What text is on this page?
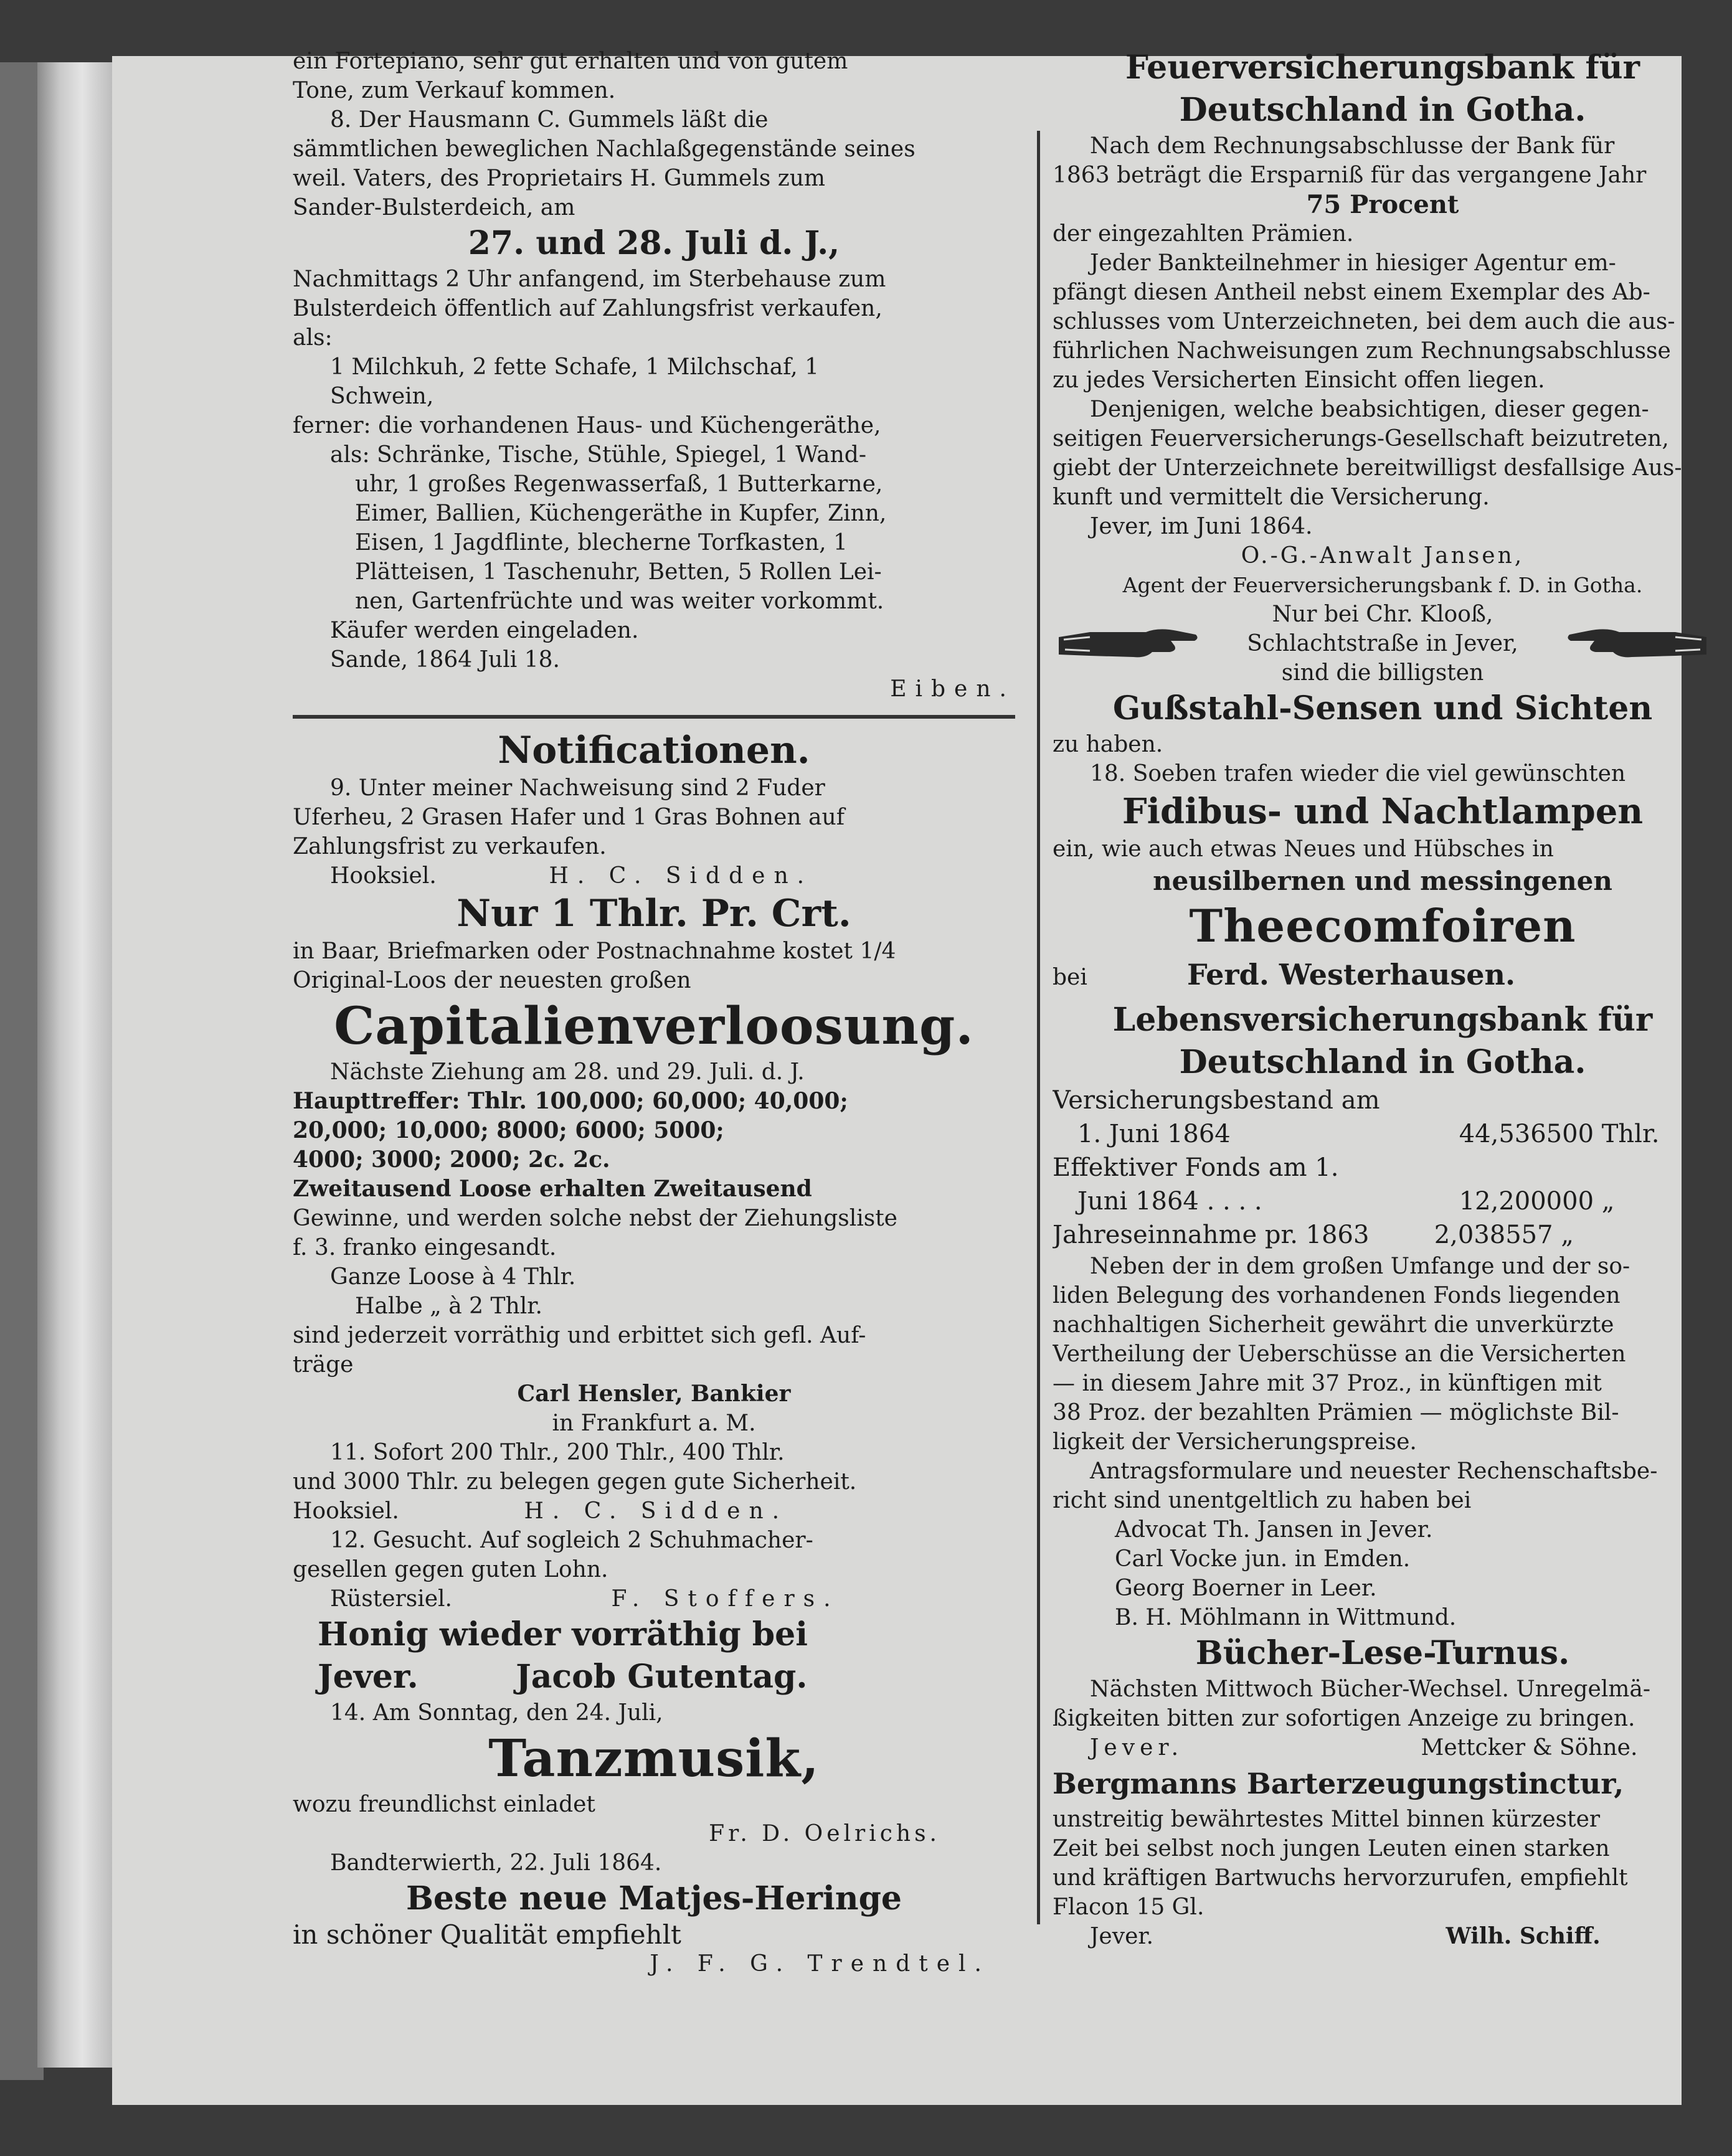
ein Fortepiano, sehr gut erhalten und von gutem

Tone, zum Verkauf kommen.

8. Der Hausmann C. Gummels läßt die

sämmtlichen beweglichen Nachlaßgegenstände seines

weil. Vaters, des Proprietairs H. Gummels zum

Sander-Bulsterdeich, am

27. und 28. Juli d. J.,

Nachmittags 2 Uhr anfangend, im Sterbehause zum

Bulsterdeich öffentlich auf Zahlungsfrist verkaufen,

als:

1 Milchkuh, 2 fette Schafe, 1 Milchschaf, 1

Schwein,

ferner: die vorhandenen Haus- und Küchengeräthe,

als: Schränke, Tische, Stühle, Spiegel, 1 Wand-

uhr, 1 großes Regenwasserfaß, 1 Butterkarne,

Eimer, Ballien, Küchengeräthe in Kupfer, Zinn,

Eisen, 1 Jagdflinte, blecherne Torfkasten, 1

Plätteisen, 1 Taschenuhr, Betten, 5 Rollen Lei-

nen, Gartenfrüchte und was weiter vorkommt.

Käufer werden eingeladen.

Sande, 1864 Juli 18.

Eiben.

Notificationen.

9. Unter meiner Nachweisung sind 2 Fuder

Uferheu, 2 Grasen Hafer und 1 Gras Bohnen auf

Zahlungsfrist zu verkaufen.

Hooksiel.	H. C. Sidden.

Nur 1 Thlr. Pr. Crt.

in Baar, Briefmarken oder Postnachnahme kostet 1/4

Original-Loos der neuesten großen

Capitalienverloosung.

Nächste Ziehung am 28. und 29. Juli. d. J.

Haupttreffer: Thlr. 100,000; 60,000; 40,000;

20,000; 10,000; 8000; 6000; 5000;

4000; 3000; 2000; 2c. 2c.

Zweitausend Loose erhalten Zweitausend

Gewinne, und werden solche nebst der Ziehungsliste

f. 3. franko eingesandt.

Ganze Loose à 4 Thlr.

Halbe „ à 2 Thlr.

sind jederzeit vorräthig und erbittet sich gefl. Auf-

träge

Carl Hensler, Bankier

in Frankfurt a. M.

11. Sofort 200 Thlr., 200 Thlr., 400 Thlr.

und 3000 Thlr. zu belegen gegen gute Sicherheit.

Hooksiel.	H. C. Sidden.

12. Gesucht. Auf sogleich 2 Schuhmacher-

gesellen gegen guten Lohn.

Rüstersiel.	F. Stoffers.

Honig wieder vorräthig bei

Jever.	Jacob Gutentag.

14. Am Sonntag, den 24. Juli,

Tanzmusik,

wozu freundlichst einladet

Fr. D. Oelrichs.

Bandterwierth, 22. Juli 1864.

Beste neue Matjes-Heringe

in schöner Qualität empfiehlt

J. F. G. Trendtel.

Feuerversicherungsbank für

Deutschland in Gotha.

Nach dem Rechnungsabschlusse der Bank für

1863 beträgt die Ersparniß für das vergangene Jahr

75 Procent

der eingezahlten Prämien.

Jeder Bankteilnehmer in hiesiger Agentur em-

pfängt diesen Antheil nebst einem Exemplar des Ab-

schlusses vom Unterzeichneten, bei dem auch die aus-

führlichen Nachweisungen zum Rechnungsabschlusse

zu jedes Versicherten Einsicht offen liegen.

Denjenigen, welche beabsichtigen, dieser gegen-

seitigen Feuerversicherungs-Gesellschaft beizutreten,

giebt der Unterzeichnete bereitwilligst desfallsige Aus-

kunft und vermittelt die Versicherung.

Jever, im Juni 1864.

O.-G.-Anwalt Jansen,

Agent der Feuerversicherungsbank f. D. in Gotha.

Nur bei Chr. Klooß,

Schlachtstraße in Jever,

sind die billigsten

Gußstahl-Sensen und Sichten

zu haben.

18. Soeben trafen wieder die viel gewünschten

Fidibus- und Nachtlampen

ein, wie auch etwas Neues und Hübsches in

neusilbernen und messingenen

Theecomfoiren

bei	Ferd. Westerhausen.

Lebensversicherungsbank für

Deutschland in Gotha.

Versicherungsbestand am

1. Juni 1864	44,536500 Thlr.

Effektiver Fonds am 1.

Juni 1864 . . . .	12,200000 „

Jahreseinnahme pr. 1863	2,038557 „

Neben der in dem großen Umfange und der so-

liden Belegung des vorhandenen Fonds liegenden

nachhaltigen Sicherheit gewährt die unverkürzte

Vertheilung der Ueberschüsse an die Versicherten

— in diesem Jahre mit 37 Proz., in künftigen mit

38 Proz. der bezahlten Prämien — möglichste Bil-

ligkeit der Versicherungspreise.

Antragsformulare und neuester Rechenschaftsbe-

richt sind unentgeltlich zu haben bei

Advocat Th. Jansen in Jever.

Carl Vocke jun. in Emden.

Georg Boerner in Leer.

B. H. Möhlmann in Wittmund.

Bücher-Lese-Turnus.

Nächsten Mittwoch Bücher-Wechsel. Unregelmä-

ßigkeiten bitten zur sofortigen Anzeige zu bringen.

Jever.	Mettcker & Söhne.

Bergmanns Barterzeugungstinctur,

unstreitig bewährtestes Mittel binnen kürzester

Zeit bei selbst noch jungen Leuten einen starken

und kräftigen Bartwuchs hervorzurufen, empfiehlt

Flacon 15 Gl.

Jever.	Wilh. Schiff.
